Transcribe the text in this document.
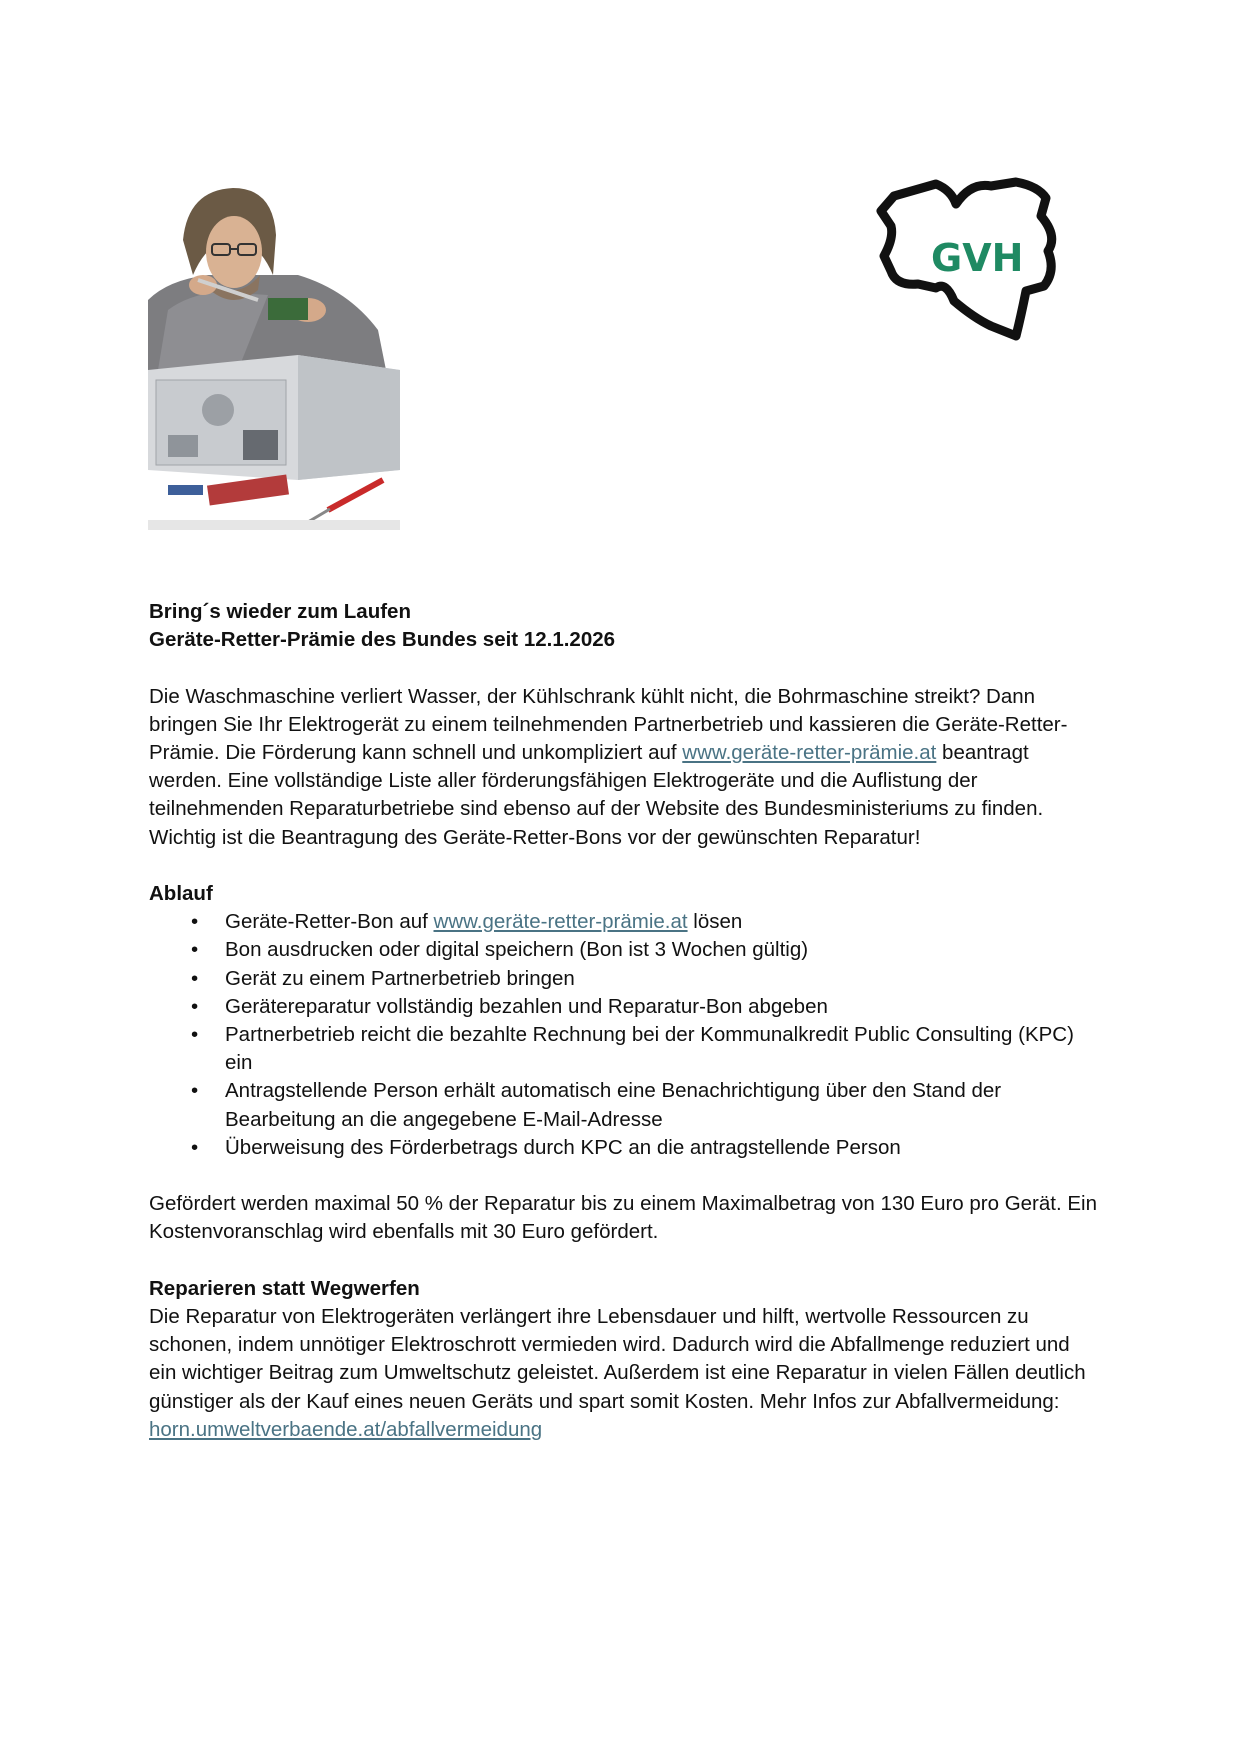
GVH

Bring´s wieder zum Laufen

Geräte-Retter-Prämie des Bundes seit 12.1.2026

Die Waschmaschine verliert Wasser, der Kühlschrank kühlt nicht, die Bohrmaschine streikt? Dann bringen Sie Ihr Elektrogerät zu einem teilnehmenden Partnerbetrieb und kassieren die Geräte-Retter-Prämie. Die Förderung kann schnell und unkompliziert auf www.geräte-retter-prämie.at beantragt werden. Eine vollständige Liste aller förderungsfähigen Elektrogeräte und die Auflistung der teilnehmenden Reparaturbetriebe sind ebenso auf der Website des Bundesministeriums zu finden. Wichtig ist die Beantragung des Geräte-Retter-Bons vor der gewünschten Reparatur!

Ablauf

• Geräte-Retter-Bon auf www.geräte-retter-prämie.at lösen
• Bon ausdrucken oder digital speichern (Bon ist 3 Wochen gültig)
• Gerät zu einem Partnerbetrieb bringen
• Gerätereparatur vollständig bezahlen und Reparatur-Bon abgeben
• Partnerbetrieb reicht die bezahlte Rechnung bei der Kommunalkredit Public Consulting (KPC) ein
• Antragstellende Person erhält automatisch eine Benachrichtigung über den Stand der Bearbeitung an die angegebene E-Mail-Adresse
• Überweisung des Förderbetrags durch KPC an die antragstellende Person

Gefördert werden maximal 50 % der Reparatur bis zu einem Maximalbetrag von 130 Euro pro Gerät. Ein Kostenvoranschlag wird ebenfalls mit 30 Euro gefördert.

Reparieren statt Wegwerfen

Die Reparatur von Elektrogeräten verlängert ihre Lebensdauer und hilft, wertvolle Ressourcen zu schonen, indem unnötiger Elektroschrott vermieden wird. Dadurch wird die Abfallmenge reduziert und ein wichtiger Beitrag zum Umweltschutz geleistet. Außerdem ist eine Reparatur in vielen Fällen deutlich günstiger als der Kauf eines neuen Geräts und spart somit Kosten. Mehr Infos zur Abfallvermeidung: horn.umweltverbaende.at/abfallvermeidung
